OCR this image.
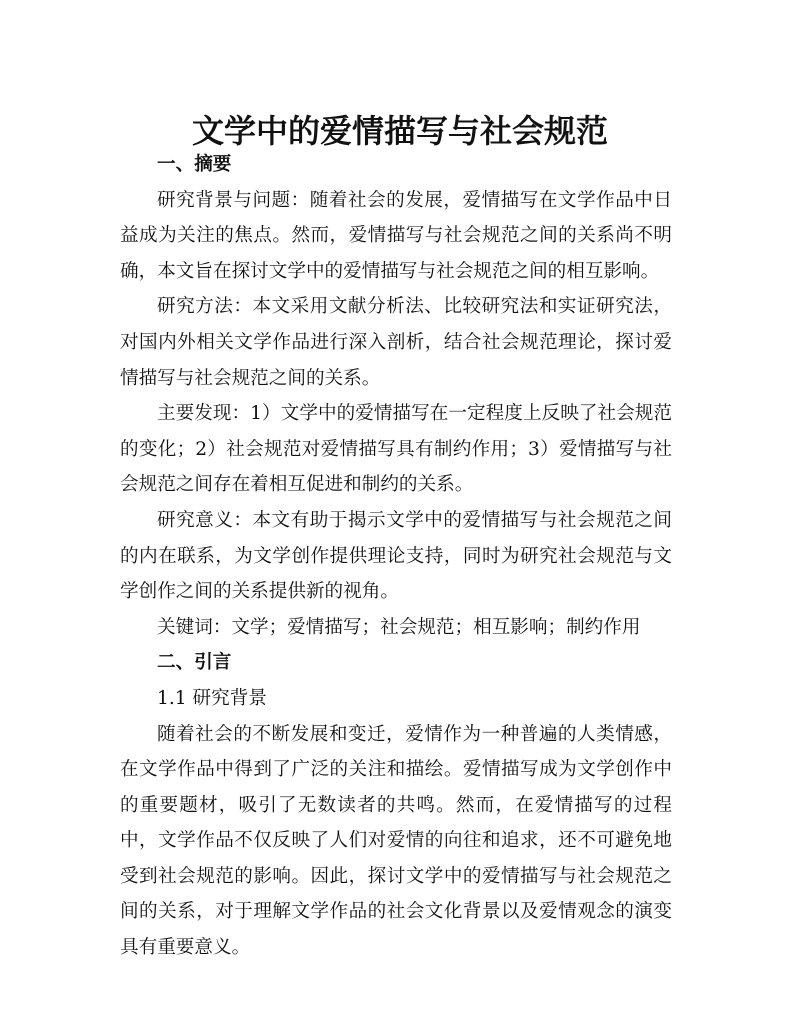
文学中的爱情描写与社会规范

一、摘要

研究背景与问题：随着社会的发展，爱情描写在文学作品中日益成为关注的焦点。然而，爱情描写与社会规范之间的关系尚不明确，本文旨在探讨文学中的爱情描写与社会规范之间的相互影响。

研究方法：本文采用文献分析法、比较研究法和实证研究法，对国内外相关文学作品进行深入剖析，结合社会规范理论，探讨爱情描写与社会规范之间的关系。

主要发现：1）文学中的爱情描写在一定程度上反映了社会规范的变化；2）社会规范对爱情描写具有制约作用；3）爱情描写与社会规范之间存在着相互促进和制约的关系。

研究意义：本文有助于揭示文学中的爱情描写与社会规范之间的内在联系，为文学创作提供理论支持，同时为研究社会规范与文学创作之间的关系提供新的视角。

关键词：文学；爱情描写；社会规范；相互影响；制约作用

二、引言

1.1 研究背景

随着社会的不断发展和变迁，爱情作为一种普遍的人类情感，在文学作品中得到了广泛的关注和描绘。爱情描写成为文学创作中的重要题材，吸引了无数读者的共鸣。然而，在爱情描写的过程中，文学作品不仅反映了人们对爱情的向往和追求，还不可避免地受到社会规范的影响。因此，探讨文学中的爱情描写与社会规范之间的关系，对于理解文学作品的社会文化背景以及爱情观念的演变具有重要意义。
